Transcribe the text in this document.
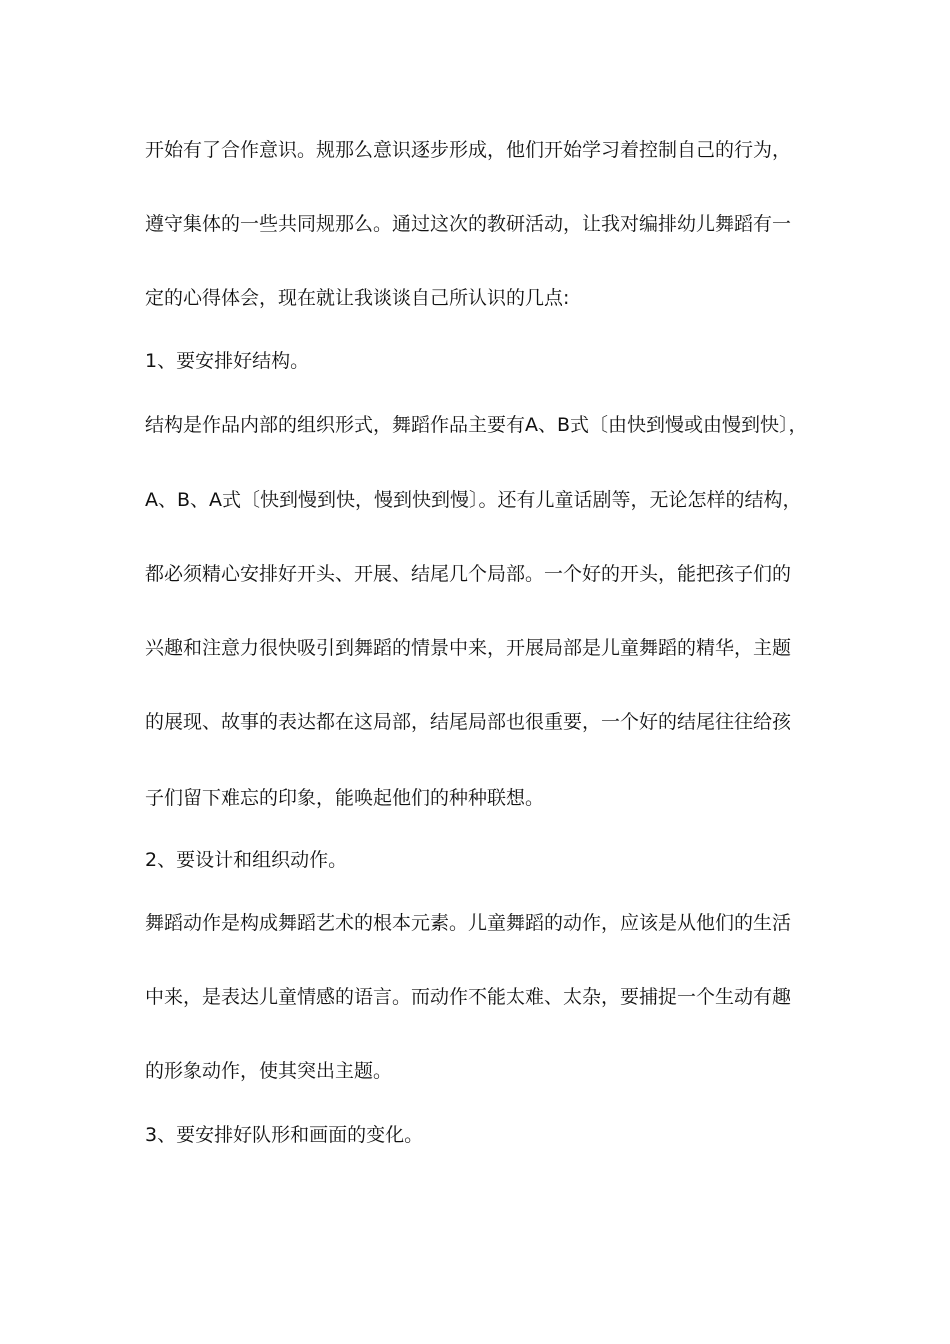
开始有了合作意识。规那么意识逐步形成，他们开始学习着控制自己的行为，
遵守集体的一些共同规那么。通过这次的教研活动，让我对编排幼儿舞蹈有一
定的心得体会，现在就让我谈谈自己所认识的几点:
1、要安排好结构。
结构是作品内部的组织形式，舞蹈作品主要有A、B式〔由快到慢或由慢到快〕，
A、B、A式〔快到慢到快，慢到快到慢〕。还有儿童话剧等，无论怎样的结构，
都必须精心安排好开头、开展、结尾几个局部。一个好的开头，能把孩子们的
兴趣和注意力很快吸引到舞蹈的情景中来，开展局部是儿童舞蹈的精华，主题
的展现、故事的表达都在这局部，结尾局部也很重要，一个好的结尾往往给孩
子们留下难忘的印象，能唤起他们的种种联想。
2、要设计和组织动作。
舞蹈动作是构成舞蹈艺术的根本元素。儿童舞蹈的动作，应该是从他们的生活
中来，是表达儿童情感的语言。而动作不能太难、太杂，要捕捉一个生动有趣
的形象动作，使其突出主题。
3、要安排好队形和画面的变化。
